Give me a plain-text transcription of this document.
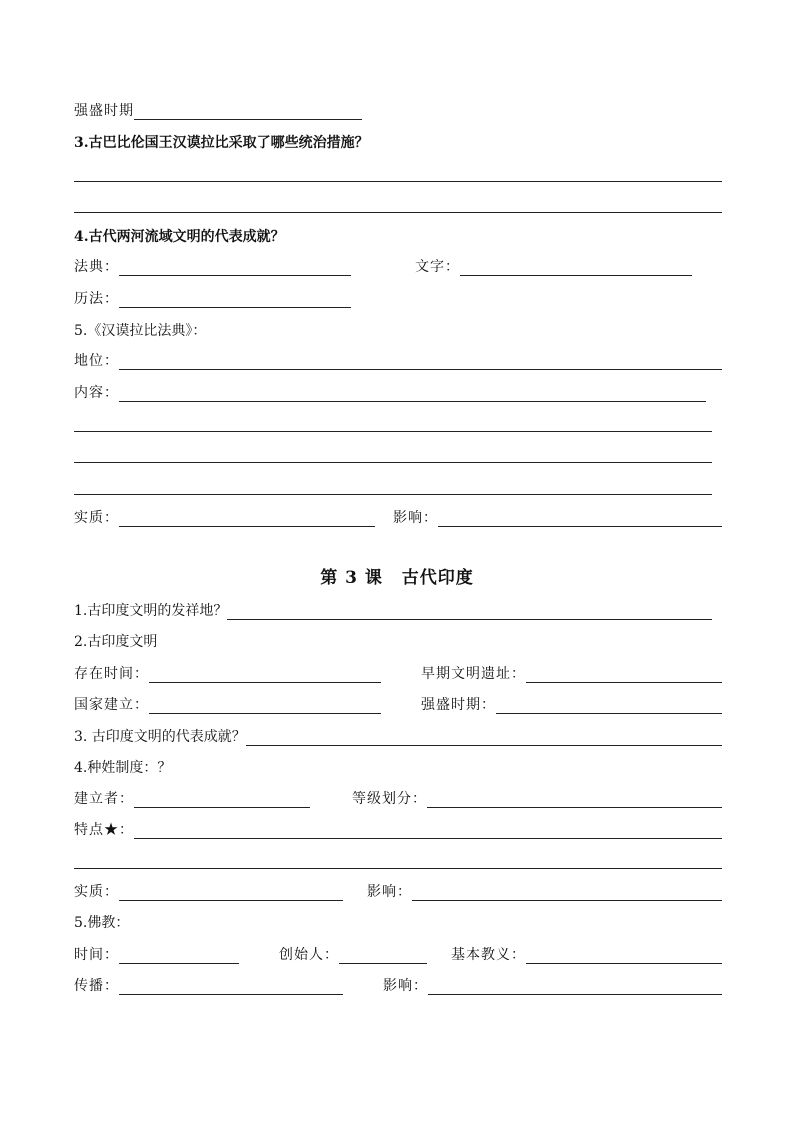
强盛时期
3.古巴比伦国王汉谟拉比采取了哪些统治措施？
4.古代两河流域文明的代表成就？
法典：	文字：
历法：
5.《汉谟拉比法典》：
地位：
内容：
实质：	影响：
第 3 课 古代印度
1.古印度文明的发祥地？
2.古印度文明
存在时间：	早期文明遗址：
国家建立：	强盛时期：
3. 古印度文明的代表成就？
4.种姓制度：？
建立者：	等级划分：
特点★：
实质：	影响：
5.佛教：
时间：	创始人：	基本教义：
传播：	影响：
